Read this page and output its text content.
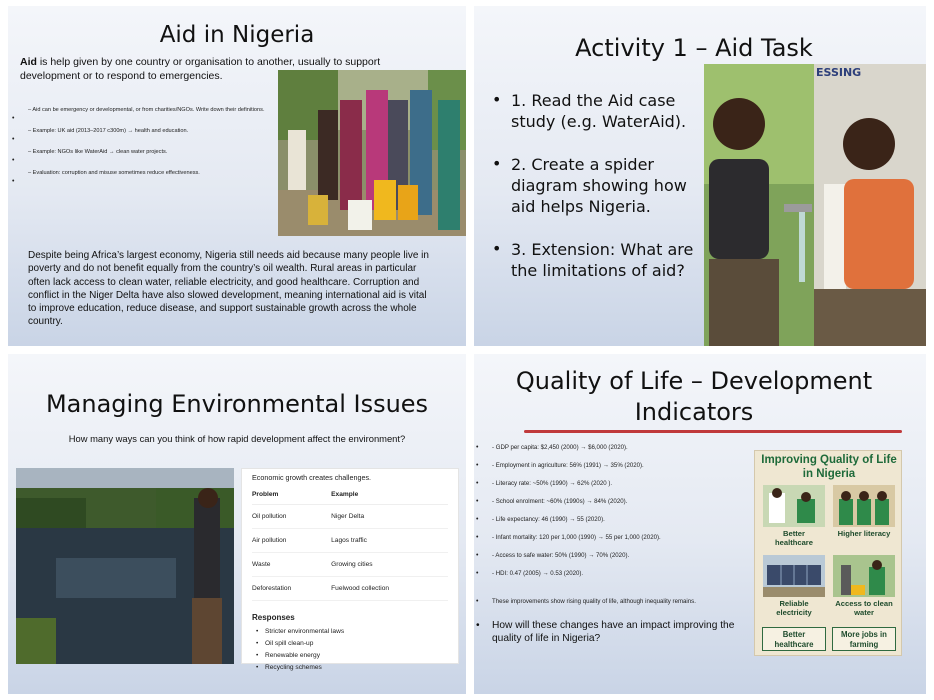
Aid in Nigeria
Aid is help given by one country or organisation to another, usually to support development or to respond to emergencies.
•
– Aid can be emergency or developmental, or from charities/NGOs. Write down their definitions.
•
– Example: UK aid (2013–2017 c300m) → health and education.
•
– Example: NGOs like WaterAid → clean water projects.
•
– Evaluation: corruption and misuse sometimes reduce effectiveness.
Despite being Africa’s largest economy, Nigeria still needs aid because many people live in poverty and do not benefit equally from the country’s oil wealth. Rural areas in particular often lack access to clean water, reliable electricity, and good healthcare. Corruption and conflict in the Niger Delta have also slowed development, meaning international aid is vital to improve education, reduce disease, and support sustainable growth across the whole country.
Activity 1 – Aid Task
• 1. Read the Aid case study (e.g. WaterAid).
• 2. Create a spider diagram showing how aid helps Nigeria.
• 3. Extension: What are the limitations of aid?
ESSING
Managing Environmental Issues
How many ways can you think of how rapid development affect the environment?
Economic growth creates challenges.
Problem	Example
Oil pollution	Niger Delta
Air pollution	Lagos traffic
Waste	Growing cities
Deforestation	Fuelwood collection
Responses
• Stricter environmental laws
• Oil spill clean-up
• Renewable energy
• Recycling schemes
Quality of Life – Development Indicators
• - GDP per capita: $2,450 (2000) → $6,000 (2020).
• - Employment in agriculture: 56% (1991) → 35% (2020).
• - Literacy rate: ~50% (1990) → 62% (2020 ).
• - School enrolment: ~60% (1990s) → 84% (2020).
• - Life expectancy: 46 (1990) → 55 (2020).
• - Infant mortality: 120 per 1,000 (1990) → 55 per 1,000 (2020).
• - Access to safe water: 50% (1990) → 70% (2020).
• - HDI: 0.47 (2005) → 0.53 (2020).
• These improvements show rising quality of life, although inequality remains.
• How will these changes have an impact improving the quality of life in Nigeria?
Improving Quality of Life in Nigeria
Better healthcare
Higher literacy
Reliable electricity
Access to clean water
Better healthcare
More jobs in farming
